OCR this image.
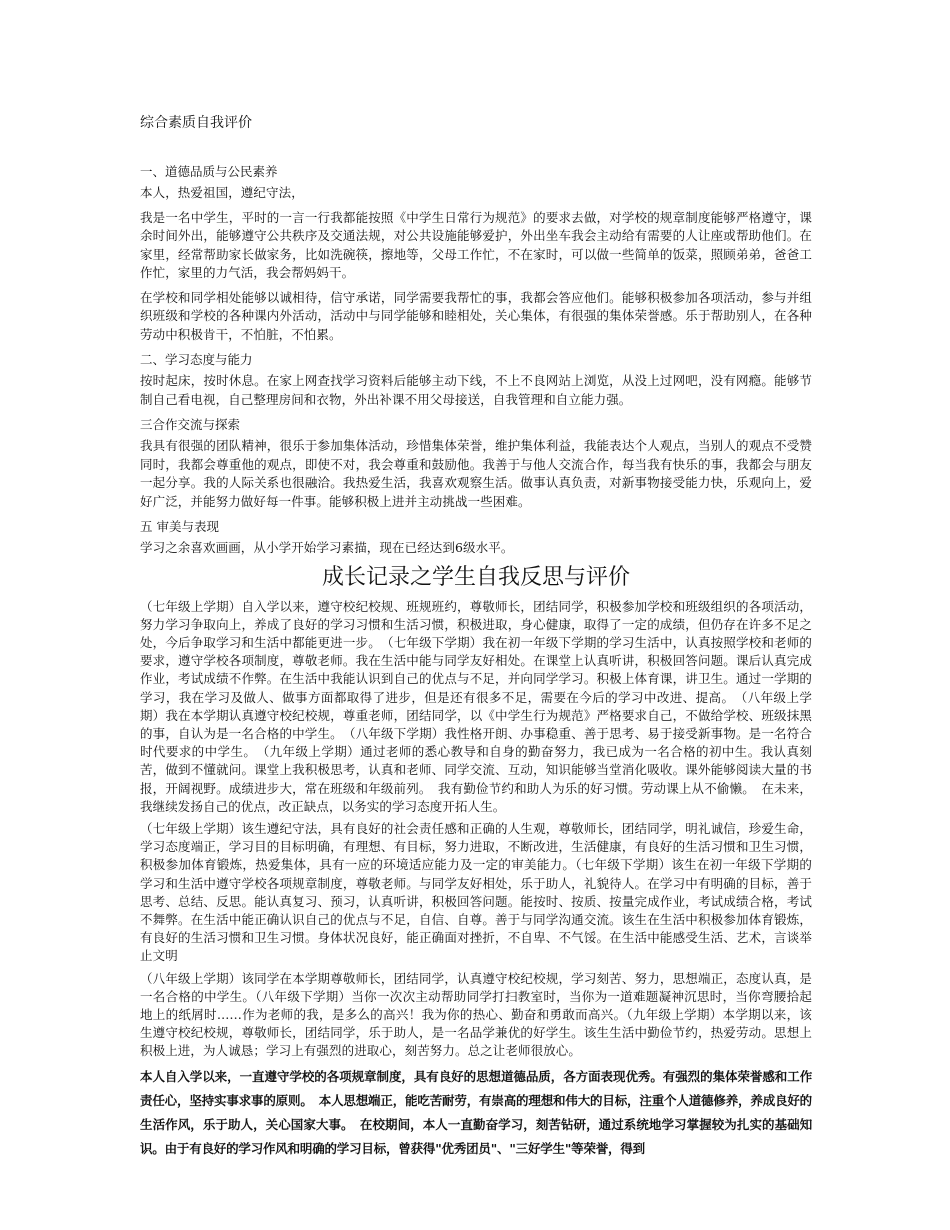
综合素质自我评价
一、道德品质与公民素养
本人，热爱祖国，遵纪守法，
我是一名中学生，平时的一言一行我都能按照《中学生日常行为规范》的要求去做，对学校的规章制度能够严格遵守，课余时间外出，能够遵守公共秩序及交通法规，对公共设施能够爱护，外出坐车我会主动给有需要的人让座或帮助他们。在家里，经常帮助家长做家务，比如洗碗筷，擦地等，父母工作忙，不在家时，可以做一些简单的饭菜，照顾弟弟，爸爸工作忙，家里的力气活，我会帮妈妈干。
在学校和同学相处能够以诚相待，信守承诺，同学需要我帮忙的事，我都会答应他们。能够积极参加各项活动，参与并组织班级和学校的各种课内外活动，活动中与同学能够和睦相处，关心集体，有很强的集体荣誉感。乐于帮助别人，在各种劳动中积极肯干，不怕脏，不怕累。
二、学习态度与能力
按时起床，按时休息。在家上网查找学习资料后能够主动下线，不上不良网站上浏览，从没上过网吧，没有网瘾。能够节制自己看电视，自己整理房间和衣物，外出补课不用父母接送，自我管理和自立能力强。
三合作交流与探索
我具有很强的团队精神，很乐于参加集体活动，珍惜集体荣誉，维护集体利益，我能表达个人观点，当别人的观点不受赞同时，我都会尊重他的观点，即使不对，我会尊重和鼓励他。我善于与他人交流合作，每当我有快乐的事，我都会与朋友一起分享。我的人际关系也很融洽。我热爱生活，我喜欢观察生活。做事认真负责，对新事物接受能力快，乐观向上，爱好广泛，并能努力做好每一件事。能够积极上进并主动挑战一些困难。
五 审美与表现
学习之余喜欢画画，从小学开始学习素描，现在已经达到6级水平。
成长记录之学生自我反思与评价
（七年级上学期）自入学以来，遵守校纪校规、班规班约，尊敬师长，团结同学，积极参加学校和班级组织的各项活动，努力学习争取向上，养成了良好的学习习惯和生活习惯，积极进取，身心健康，取得了一定的成绩，但仍存在许多不足之处，今后争取学习和生活中都能更进一步。　（七年级下学期）我在初一年级下学期的学习生活中，认真按照学校和老师的要求，遵守学校各项制度，尊敬老师。我在生活中能与同学友好相处。在课堂上认真听讲，积极回答问题。课后认真完成作业，考试成绩不作弊。在生活中我能认识到自己的优点与不足，并向同学学习。积极上体育课，讲卫生。通过一学期的学习，我在学习及做人、做事方面都取得了进步，但是还有很多不足，需要在今后的学习中改进、提高。　（八年级上学期）我在本学期认真遵守校纪校规，尊重老师，团结同学，以《中学生行为规范》严格要求自己，不做给学校、班级抹黑的事，自认为是一名合格的中学生。　（八年级下学期）我性格开朗、办事稳重、善于思考、易于接受新事物。是一名符合时代要求的中学生。　（九年级上学期）通过老师的悉心教导和自身的勤奋努力，我已成为一名合格的初中生。我认真刻苦，做到不懂就问。课堂上我积极思考，认真和老师、同学交流、互动，知识能够当堂消化吸收。课外能够阅读大量的书报，开阔视野。成绩进步大，常在班级和年级前列。　我有勤俭节约和助人为乐的好习惯。劳动课上从不偷懒。　在未来，我继续发扬自己的优点，改正缺点，以务实的学习态度开拓人生。
（七年级上学期）该生遵纪守法，具有良好的社会责任感和正确的人生观，尊敬师长，团结同学，明礼诚信，珍爱生命，学习态度端正，学习目的目标明确，有理想、有目标，努力进取，不断改进，生活健康，有良好的生活习惯和卫生习惯，积极参加体育锻炼，热爱集体，具有一应的环境适应能力及一定的审美能力。（七年级下学期）该生在初一年级下学期的学习和生活中遵守学校各项规章制度，尊敬老师。与同学友好相处，乐于助人，礼貌待人。在学习中有明确的目标，善于思考、总结、反思。能认真复习、预习，认真听讲，积极回答问题。能按时、按质、按量完成作业，考试成绩合格，考试不舞弊。在生活中能正确认识自己的优点与不足，自信、自尊。善于与同学沟通交流。该生在生活中积极参加体育锻炼，有良好的生活习惯和卫生习惯。身体状况良好，能正确面对挫折，不自卑、不气馁。在生活中能感受生活、艺术，言谈举止文明
（八年级上学期）该同学在本学期尊敬师长，团结同学，认真遵守校纪校规，学习刻苦、努力，思想端正，态度认真，是一名合格的中学生。（八年级下学期）当你一次次主动帮助同学打扫教室时，当你为一道难题凝神沉思时，当你弯腰拾起地上的纸屑时……作为老师的我，是多么的高兴！我为你的热心、勤奋和勇敢而高兴。（九年级上学期）本学期以来，该生遵守校纪校规，尊敬师长，团结同学，乐于助人，是一名品学兼优的好学生。该生生活中勤俭节约，热爱劳动。思想上积极上进，为人诚恳；学习上有强烈的进取心，刻苦努力。总之让老师很放心。
本人自入学以来，一直遵守学校的各项规章制度，具有良好的思想道德品质，各方面表现优秀。有强烈的集体荣誉感和工作责任心，坚持实事求事的原则。　本人思想端正，能吃苦耐劳，有崇高的理想和伟大的目标，注重个人道德修养，养成良好的生活作风，乐于助人，关心国家大事。　在校期间，本人一直勤奋学习，刻苦钻研，通过系统地学习掌握较为扎实的基础知识。由于有良好的学习作风和明确的学习目标，曾获得"优秀团员"、"三好学生"等荣誉，得到
